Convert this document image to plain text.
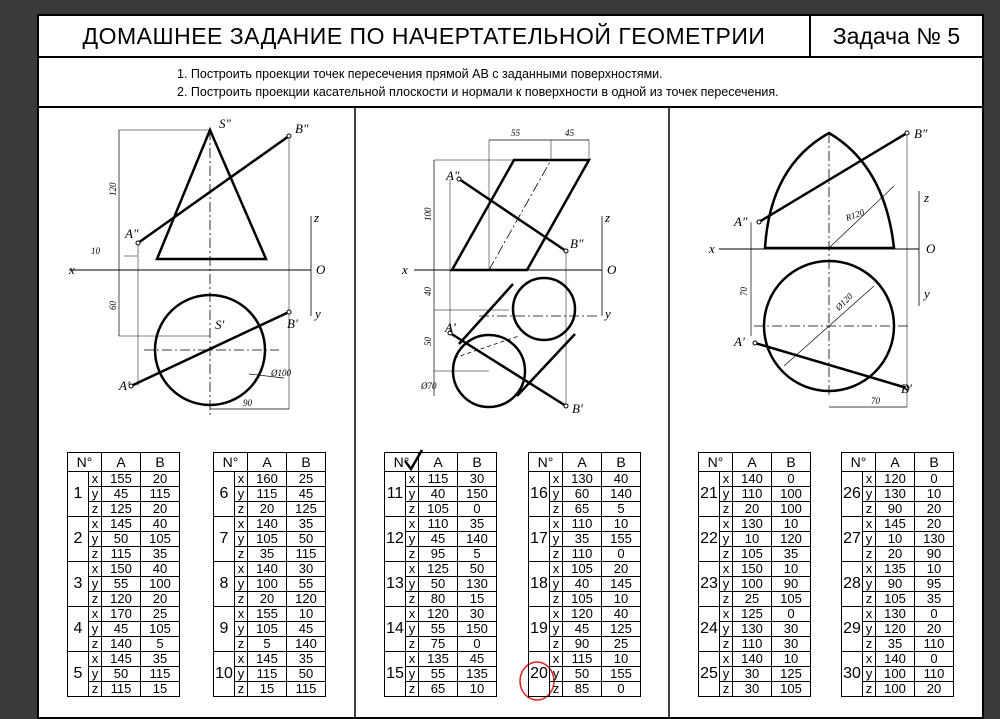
ДОМАШНЕЕ ЗАДАНИЕ ПО НАЧЕРТАТЕЛЬНОЙ ГЕОМЕТРИИ	Задача № 5
1. Построить проекции точек пересечения прямой AB с заданными поверхностями.
2. Построить проекции касательной плоскости и нормали к поверхности в одной из точек пересечения.
S"	B"
A"
S'	B'
A'
x
z
O
y
120
10
60
Ø100
90
A"
B"
A'
B'
x
z
O
y
55	45
100
40
50
Ø70
B"
A"
A'
B'
x
z
O
y
R120
70	Ø120
70
N°		A	B
1	x	155	20
	y	45	115
	z	125	20
2	x	145	40
	y	50	105
	z	115	35
3	x	150	40
	y	55	100
	z	120	20
4	x	170	25
	y	45	105
	z	140	5
5	x	145	35
	y	50	115
	z	115	15
N°		A	B
6	x	160	25
	y	115	45
	z	20	125
7	x	140	35
	y	105	50
	z	35	115
8	x	140	30
	y	100	55
	z	20	120
9	x	155	10
	y	105	45
	z	5	140
10	x	145	35
	y	115	50
	z	15	115
N°		A	B
11	x	115	30
	y	40	150
	z	105	0
12	x	110	35
	y	45	140
	z	95	5
13	x	125	50
	y	50	130
	z	80	15
14	x	120	30
	y	55	150
	z	75	0
15	x	135	45
	y	55	135
	z	65	10
N°		A	B
16	x	130	40
	y	60	140
	z	65	5
17	x	110	10
	y	35	155
	z	110	0
18	x	105	20
	y	40	145
	z	105	10
19	x	120	40
	y	45	125
	z	90	25
20	x	115	10
	y	50	155
	z	85	0
N°		A	B
21	x	140	0
	y	110	100
	z	20	100
22	x	130	10
	y	10	120
	z	105	35
23	x	150	10
	y	100	90
	z	25	105
24	x	125	0
	y	130	30
	z	110	30
25	x	140	10
	y	30	125
	z	30	105
N°		A	B
26	x	120	0
	y	130	10
	z	90	20
27	x	145	20
	y	10	130
	z	20	90
28	x	135	10
	y	90	95
	z	105	35
29	x	130	0
	y	120	20
	z	35	110
30	x	140	0
	y	100	110
	z	100	20
